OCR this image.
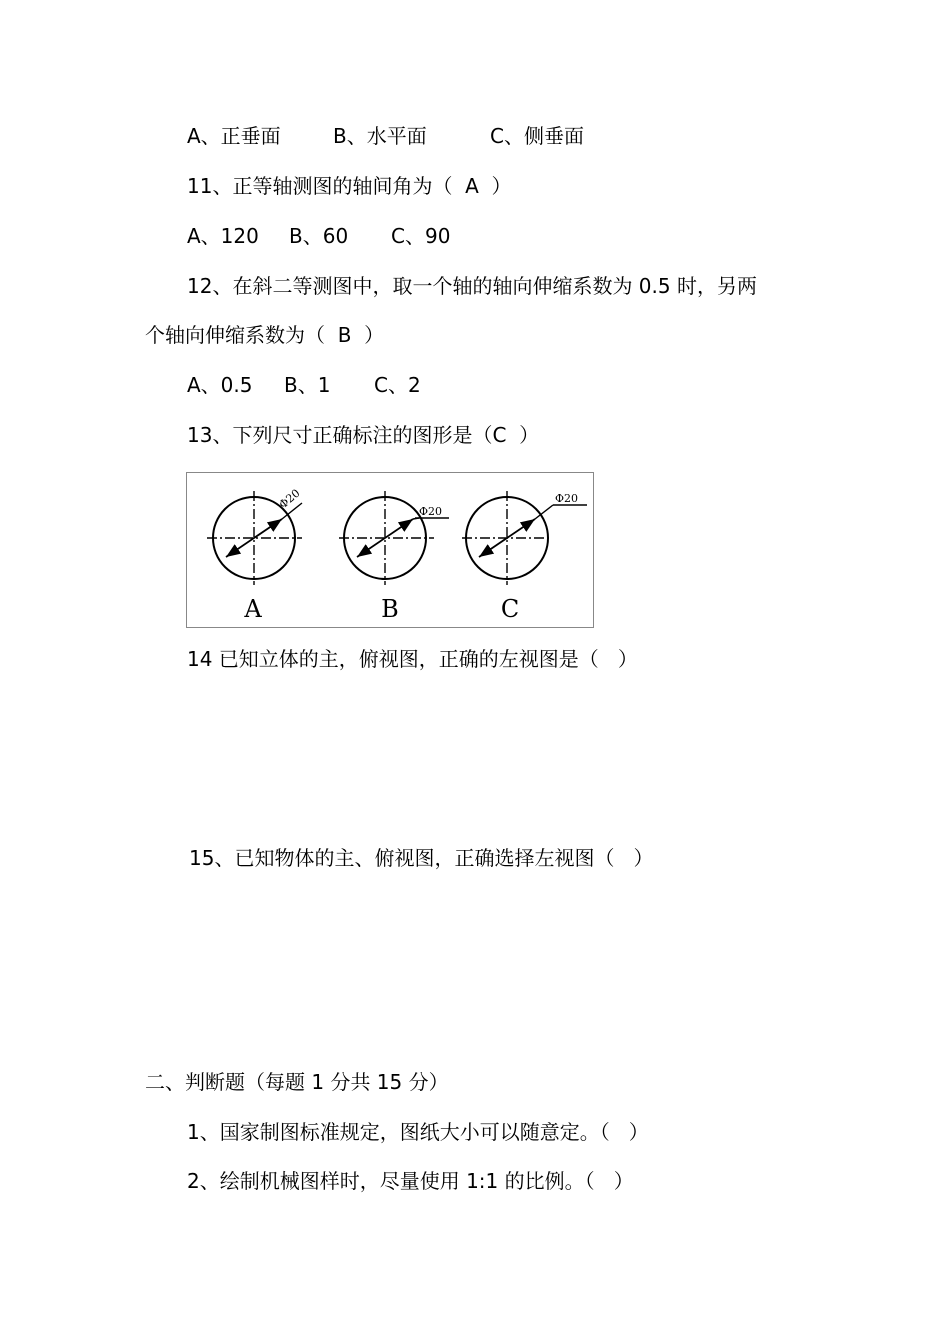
A、正垂面

	B、水平面

	C、侧垂面

11、正等轴测图的轴间角为（  A  ）

A、120

B、60

C、90

12、在斜二等测图中，取一个轴的轴向伸缩系数为 0.5 时，另两
个轴向伸缩系数为（  B  ）

A、0.5

B、1

C、2

13、下列尺寸正确标注的图形是（C  ）
Φ20
Φ20
Φ20
A	B	C
14 已知立体的主，俯视图，正确的左视图是（   ）
15、已知物体的主、俯视图，正确选择左视图（   ）
二、判断题（每题 1 分共 15 分）
1、国家制图标准规定，图纸大小可以随意定。（   ）
2、绘制机械图样时，尽量使用 1:1 的比例。（   ）
